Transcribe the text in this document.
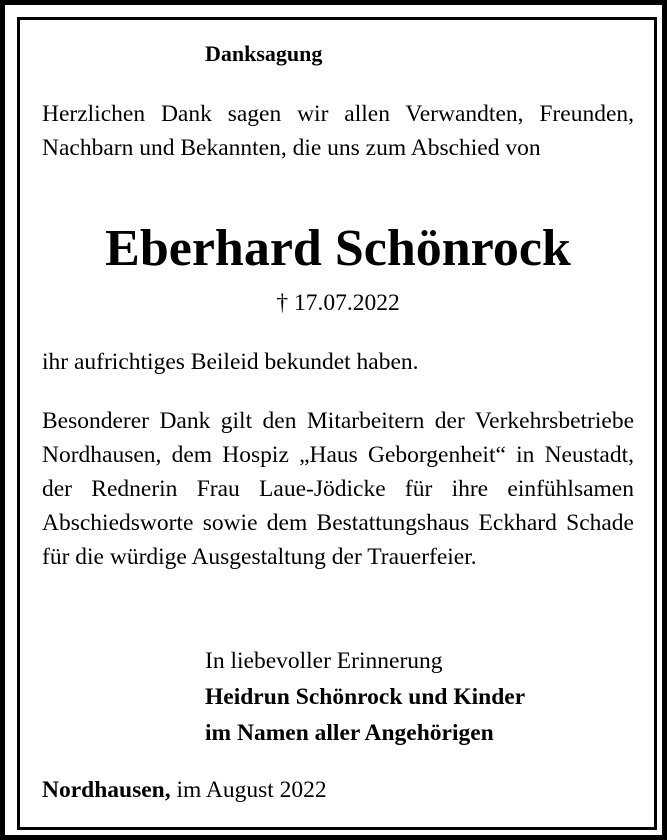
Danksagung
Herzlichen Dank sagen wir allen Verwandten, Freunden, Nachbarn und Bekannten, die uns zum Abschied von
Eberhard Schönrock
† 17.07.2022
ihr aufrichtiges Beileid bekundet haben.
Besonderer Dank gilt den Mitarbeitern der Verkehrsbetriebe Nordhausen, dem Hospiz „Haus Geborgenheit“ in Neustadt, der Rednerin Frau Laue-Jödicke für ihre einfühlsamen Abschiedsworte sowie dem Bestattungshaus Eckhard Schade für die würdige Ausgestaltung der Trauerfeier.
In liebevoller Erinnerung
Heidrun Schönrock und Kinder
im Namen aller Angehörigen
Nordhausen, im August 2022
